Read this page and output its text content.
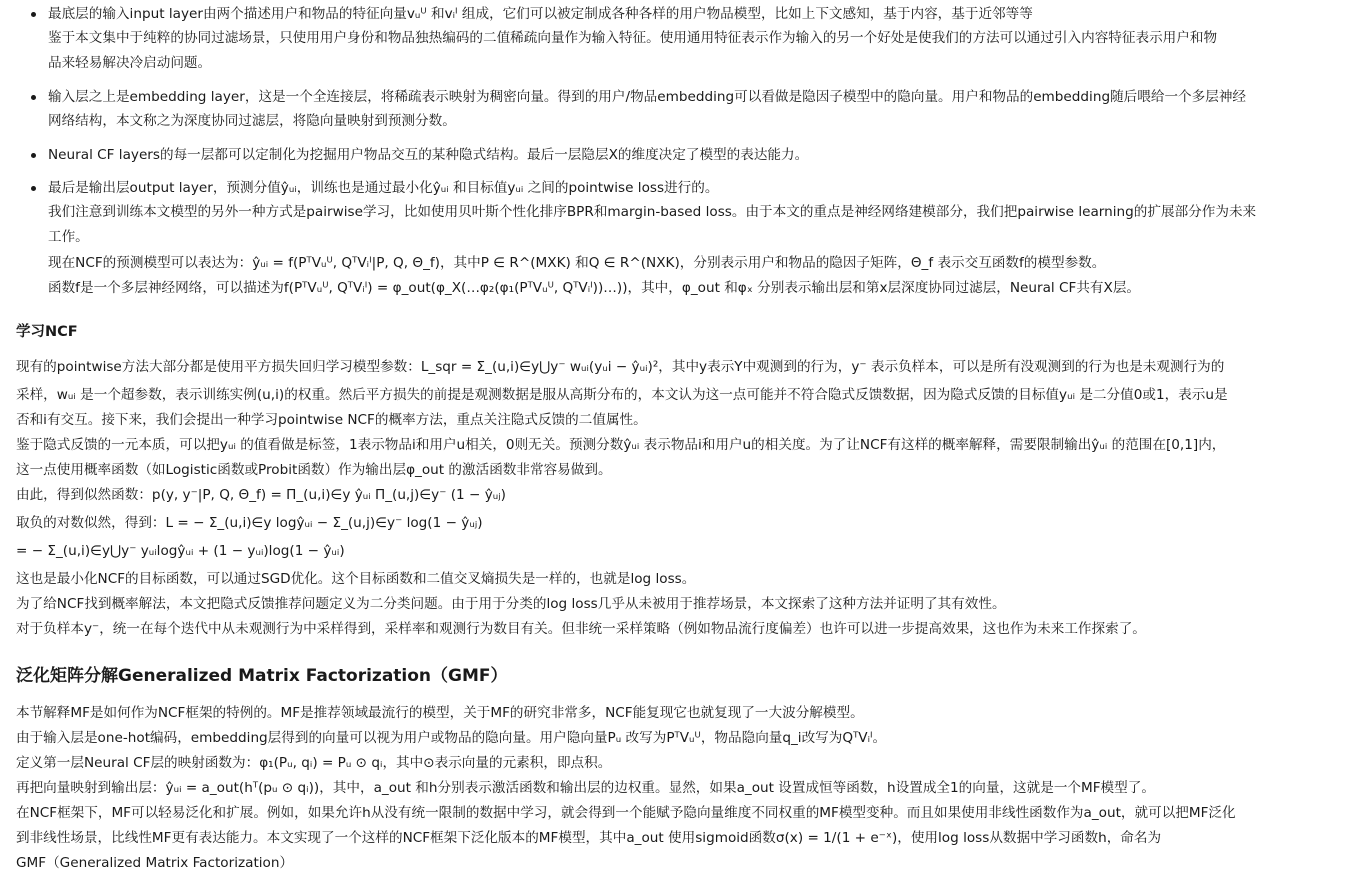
最底层的输入input layer由两个描述用户和物品的特征向量vᵤᵁ 和vᵢᴵ 组成，它们可以被定制成各种各样的用户物品模型，比如上下文感知，基于内容，基于近邻等等
鉴于本文集中于纯粹的协同过滤场景，只使用用户身份和物品独热编码的二值稀疏向量作为输入特征。使用通用特征表示作为输入的另一个好处是使我们的方法可以通过引入内容特征表示用户和物
品来轻易解决冷启动问题。
输入层之上是embedding layer，这是一个全连接层，将稀疏表示映射为稠密向量。得到的用户/物品embedding可以看做是隐因子模型中的隐向量。用户和物品的embedding随后喂给一个多层神经
网络结构，本文称之为深度协同过滤层，将隐向量映射到预测分数。
Neural CF layers的每一层都可以定制化为挖掘用户物品交互的某种隐式结构。最后一层隐层X的维度决定了模型的表达能力。
最后是输出层output layer，预测分值ŷᵤᵢ，训练也是通过最小化ŷᵤᵢ 和目标值yᵤᵢ 之间的pointwise loss进行的。
我们注意到训练本文模型的另外一种方式是pairwise学习，比如使用贝叶斯个性化排序BPR和margin-based loss。由于本文的重点是神经网络建模部分，我们把pairwise learning的扩展部分作为未来
工作。
现在NCF的预测模型可以表达为：ŷᵤᵢ = f(PᵀVᵤᵁ, QᵀVᵢᴵ|P, Q, Θ_f)，其中P ∈ R^(MXK) 和Q ∈ R^(NXK)，分别表示用户和物品的隐因子矩阵，Θ_f 表示交互函数f的模型参数。
函数f是一个多层神经网络，可以描述为f(PᵀVᵤᵁ, QᵀVᵢᴵ) = φ_out(φ_X(…φ₂(φ₁(PᵀVᵤᵁ, QᵀVᵢᴵ))…))，其中，φ_out 和φₓ 分别表示输出层和第x层深度协同过滤层，Neural CF共有X层。
学习NCF
现有的pointwise方法大部分都是使用平方损失回归学习模型参数：L_sqr = Σ_(u,i)∈y⋃y⁻ wᵤᵢ(yᵤi − ŷᵤᵢ)²，其中y表示Y中观测到的行为，y⁻ 表示负样本，可以是所有没观测到的行为也是未观测行为的
采样，wᵤᵢ 是一个超参数，表示训练实例(u,i)的权重。然后平方损失的前提是观测数据是服从高斯分布的，本文认为这一点可能并不符合隐式反馈数据，因为隐式反馈的目标值yᵤᵢ 是二分值0或1，表示u是
否和i有交互。接下来，我们会提出一种学习pointwise NCF的概率方法，重点关注隐式反馈的二值属性。
鉴于隐式反馈的一元本质，可以把yᵤᵢ 的值看做是标签，1表示物品i和用户u相关，0则无关。预测分数ŷᵤᵢ 表示物品i和用户u的相关度。为了让NCF有这样的概率解释，需要限制输出ŷᵤᵢ 的范围在[0,1]内，
这一点使用概率函数（如Logistic函数或Probit函数）作为输出层φ_out 的激活函数非常容易做到。
由此，得到似然函数：p(y, y⁻|P, Q, Θ_f) = Π_(u,i)∈y ŷᵤᵢ Π_(u,j)∈y⁻ (1 − ŷᵤⱼ)
取负的对数似然，得到：L = − Σ_(u,i)∈y logŷᵤᵢ − Σ_(u,j)∈y⁻ log(1 − ŷᵤⱼ)
= − Σ_(u,i)∈y⋃y⁻ yᵤᵢlogŷᵤᵢ + (1 − yᵤᵢ)log(1 − ŷᵤᵢ)
这也是最小化NCF的目标函数，可以通过SGD优化。这个目标函数和二值交叉熵损失是一样的，也就是log loss。
为了给NCF找到概率解法，本文把隐式反馈推荐问题定义为二分类问题。由于用于分类的log loss几乎从未被用于推荐场景，本文探索了这种方法并证明了其有效性。
对于负样本y⁻，统一在每个迭代中从未观测行为中采样得到，采样率和观测行为数目有关。但非统一采样策略（例如物品流行度偏差）也许可以进一步提高效果，这也作为未来工作探索了。
泛化矩阵分解Generalized Matrix Factorization（GMF）
本节解释MF是如何作为NCF框架的特例的。MF是推荐领域最流行的模型，关于MF的研究非常多，NCF能复现它也就复现了一大波分解模型。
由于输入层是one-hot编码，embedding层得到的向量可以视为用户或物品的隐向量。用户隐向量Pᵤ 改写为PᵀVᵤᵁ，物品隐向量q_i改写为QᵀVᵢᴵ。
定义第一层Neural CF层的映射函数为：φ₁(Pᵤ, qᵢ) = Pᵤ ⊙ qᵢ，其中⊙表示向量的元素积，即点积。
再把向量映射到输出层：ŷᵤᵢ = a_out(hᵀ(pᵤ ⊙ qᵢ))，其中，a_out 和h分别表示激活函数和输出层的边权重。显然，如果a_out 设置成恒等函数，h设置成全1的向量，这就是一个MF模型了。
在NCF框架下，MF可以轻易泛化和扩展。例如，如果允许h从没有统一限制的数据中学习，就会得到一个能赋予隐向量维度不同权重的MF模型变种。而且如果使用非线性函数作为a_out，就可以把MF泛化
到非线性场景，比线性MF更有表达能力。本文实现了一个这样的NCF框架下泛化版本的MF模型，其中a_out 使用sigmoid函数σ(x) = 1/(1 + e⁻ˣ)，使用log loss从数据中学习函数h，命名为
GMF（Generalized Matrix Factorization）
